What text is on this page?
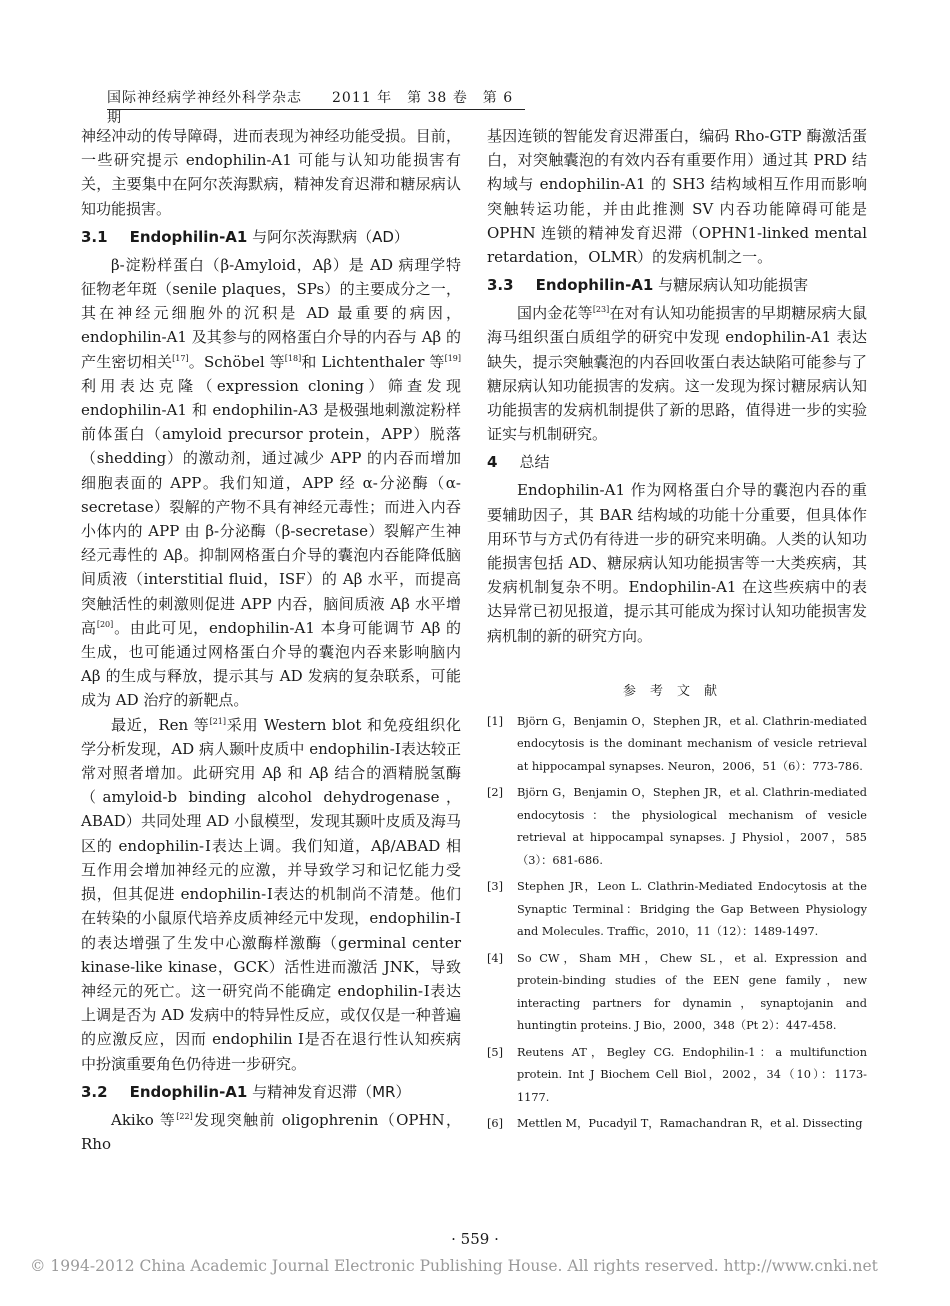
国际神经病学神经外科学杂志　　2011 年　第 38 卷　第 6 期

神经冲动的传导障碍，进而表现为神经功能受损。目前，一些研究提示 endophilin-A1 可能与认知功能损害有关，主要集中在阿尔茨海默病，精神发育迟滞和糖尿病认知功能损害。

3.1 Endophilin-A1 与阿尔茨海默病（AD）

β-淀粉样蛋白（β-Amyloid，Aβ）是 AD 病理学特征物老年斑（senile plaques，SPs）的主要成分之一，其在神经元细胞外的沉积是 AD 最重要的病因，endophilin-A1 及其参与的网格蛋白介导的内吞与 Aβ 的产生密切相关[17]。Schöbel 等[18]和 Lichtenthaler 等[19]利用表达克隆（expression cloning）筛查发现 endophilin-A1 和 endophilin-A3 是极强地刺激淀粉样前体蛋白（amyloid precursor protein，APP）脱落（shedding）的激动剂，通过减少 APP 的内吞而增加细胞表面的 APP。我们知道，APP 经 α-分泌酶（α-secretase）裂解的产物不具有神经元毒性；而进入内吞小体内的 APP 由 β-分泌酶（β-secretase）裂解产生神经元毒性的 Aβ。抑制网格蛋白介导的囊泡内吞能降低脑间质液（interstitial fluid，ISF）的 Aβ 水平，而提高突触活性的刺激则促进 APP 内吞，脑间质液 Aβ 水平增高[20]。由此可见，endophilin-A1 本身可能调节 Aβ 的生成，也可能通过网格蛋白介导的囊泡内吞来影响脑内 Aβ 的生成与释放，提示其与 AD 发病的复杂联系，可能成为 AD 治疗的新靶点。

最近，Ren 等[21]采用 Western blot 和免疫组织化学分析发现，AD 病人颞叶皮质中 endophilin-Ⅰ表达较正常对照者增加。此研究用 Aβ 和 Aβ 结合的酒精脱氢酶（amyloid-b binding alcohol dehydrogenase，ABAD）共同处理 AD 小鼠模型，发现其颞叶皮质及海马区的 endophilin-Ⅰ表达上调。我们知道，Aβ/ABAD 相互作用会增加神经元的应激，并导致学习和记忆能力受损，但其促进 endophilin-Ⅰ表达的机制尚不清楚。他们在转染的小鼠原代培养皮质神经元中发现，endophilin-Ⅰ的表达增强了生发中心激酶样激酶（germinal center kinase-like kinase，GCK）活性进而激活 JNK，导致神经元的死亡。这一研究尚不能确定 endophilin-Ⅰ表达上调是否为 AD 发病中的特异性反应，或仅仅是一种普遍的应激反应，因而 endophilin Ⅰ是否在退行性认知疾病中扮演重要角色仍待进一步研究。

3.2 Endophilin-A1 与精神发育迟滞（MR）

Akiko 等[22]发现突触前 oligophrenin（OPHN，Rho

基因连锁的智能发育迟滞蛋白，编码 Rho-GTP 酶激活蛋白，对突触囊泡的有效内吞有重要作用）通过其 PRD 结构域与 endophilin-A1 的 SH3 结构域相互作用而影响突触转运功能，并由此推测 SV 内吞功能障碍可能是 OPHN 连锁的精神发育迟滞（OPHN1-linked mental retardation，OLMR）的发病机制之一。

3.3 Endophilin-A1 与糖尿病认知功能损害

国内金花等[23]在对有认知功能损害的早期糖尿病大鼠海马组织蛋白质组学的研究中发现 endophilin-A1 表达缺失，提示突触囊泡的内吞回收蛋白表达缺陷可能参与了糖尿病认知功能损害的发病。这一发现为探讨糖尿病认知功能损害的发病机制提供了新的思路，值得进一步的实验证实与机制研究。

4 总结

Endophilin-A1 作为网格蛋白介导的囊泡内吞的重要辅助因子，其 BAR 结构域的功能十分重要，但具体作用环节与方式仍有待进一步的研究来明确。人类的认知功能损害包括 AD、糖尿病认知功能损害等一大类疾病，其发病机制复杂不明。Endophilin-A1 在这些疾病中的表达异常已初见报道，提示其可能成为探讨认知功能损害发病机制的新的研究方向。

参考文献
[1]	Björn G，Benjamin O，Stephen JR，et al. Clathrin-mediated endocytosis is the dominant mechanism of vesicle retrieval at hippocampal synapses. Neuron，2006，51（6）：773-786.
[2]	Björn G，Benjamin O，Stephen JR，et al. Clathrin-mediated endocytosis：the physiological mechanism of vesicle retrieval at hippocampal synapses. J Physiol，2007，585（3）：681-686.
[3]	Stephen JR，Leon L. Clathrin-Mediated Endocytosis at the Synaptic Terminal：Bridging the Gap Between Physiology and Molecules. Traffic，2010，11（12）：1489-1497.
[4]	So CW，Sham MH，Chew SL，et al. Expression and protein-binding studies of the EEN gene family，new interacting partners for dynamin，synaptojanin and huntingtin proteins. J Bio，2000，348（Pt 2）：447-458.
[5]	Reutens AT，Begley CG. Endophilin-1：a multifunction protein. Int J Biochem Cell Biol，2002，34（10）：1173-1177.
[6]	Mettlen M，Pucadyil T，Ramachandran R，et al. Dissecting
· 559 ·
© 1994-2012 China Academic Journal Electronic Publishing House. All rights reserved. http://www.cnki.net
